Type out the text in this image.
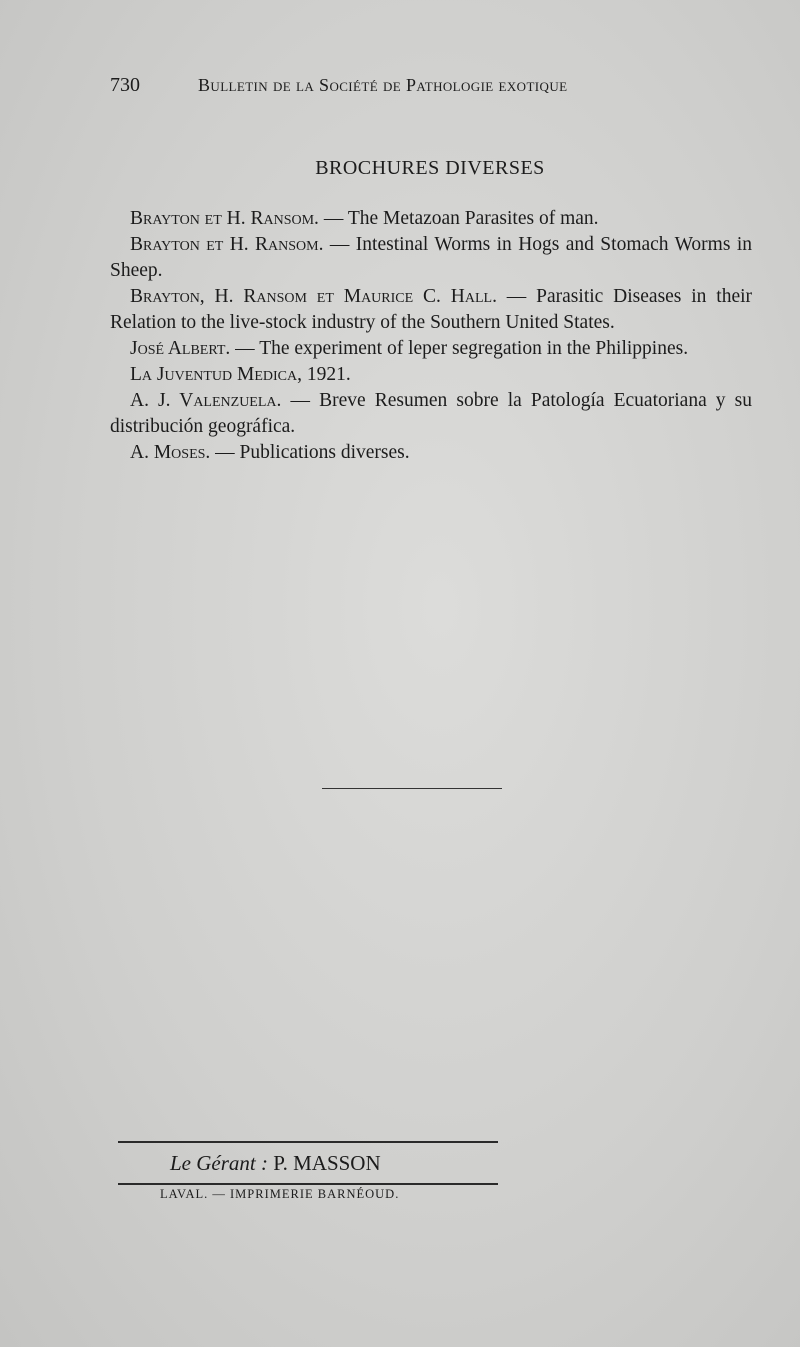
730	Bulletin de la Société de Pathologie exotique
BROCHURES DIVERSES

Brayton et H. Ransom. — The Metazoan Parasites of man.

Brayton et H. Ransom. — Intestinal Worms in Hogs and Stomach Worms in Sheep.

Brayton, H. Ransom et Maurice C. Hall. — Parasitic Diseases in their Relation to the live-stock industry of the Southern United States.

José Albert. — The experiment of leper segregation in the Philippines.

La Juventud Medica, 1921.

A. J. Valenzuela. — Breve Resumen sobre la Patología Ecuatoriana y su distribución geográfica.

A. Moses. — Publications diverses.

Le Gérant : P. MASSON
LAVAL. — IMPRIMERIE BARNÉOUD.
